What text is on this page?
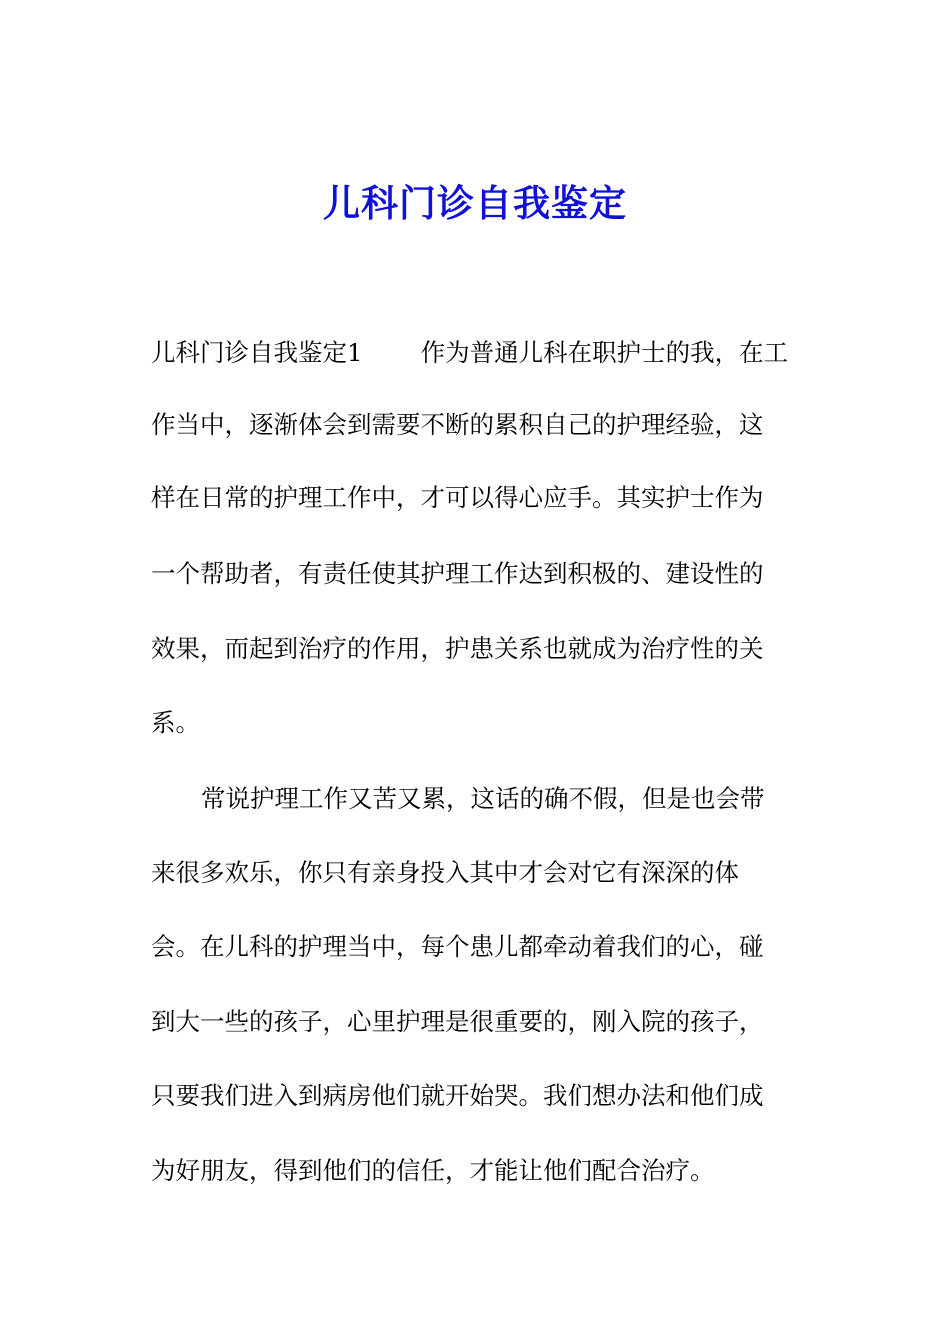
儿科门诊自我鉴定
儿科门诊自我鉴定1 作为普通儿科在职护士的我，在工
作当中，逐渐体会到需要不断的累积自己的护理经验，这
样在日常的护理工作中，才可以得心应手。其实护士作为
一个帮助者，有责任使其护理工作达到积极的、建设性的
效果，而起到治疗的作用，护患关系也就成为治疗性的关
系。
常说护理工作又苦又累，这话的确不假，但是也会带
来很多欢乐，你只有亲身投入其中才会对它有深深的体
会。在儿科的护理当中，每个患儿都牵动着我们的心，碰
到大一些的孩子，心里护理是很重要的，刚入院的孩子，
只要我们进入到病房他们就开始哭。我们想办法和他们成
为好朋友，得到他们的信任，才能让他们配合治疗。
